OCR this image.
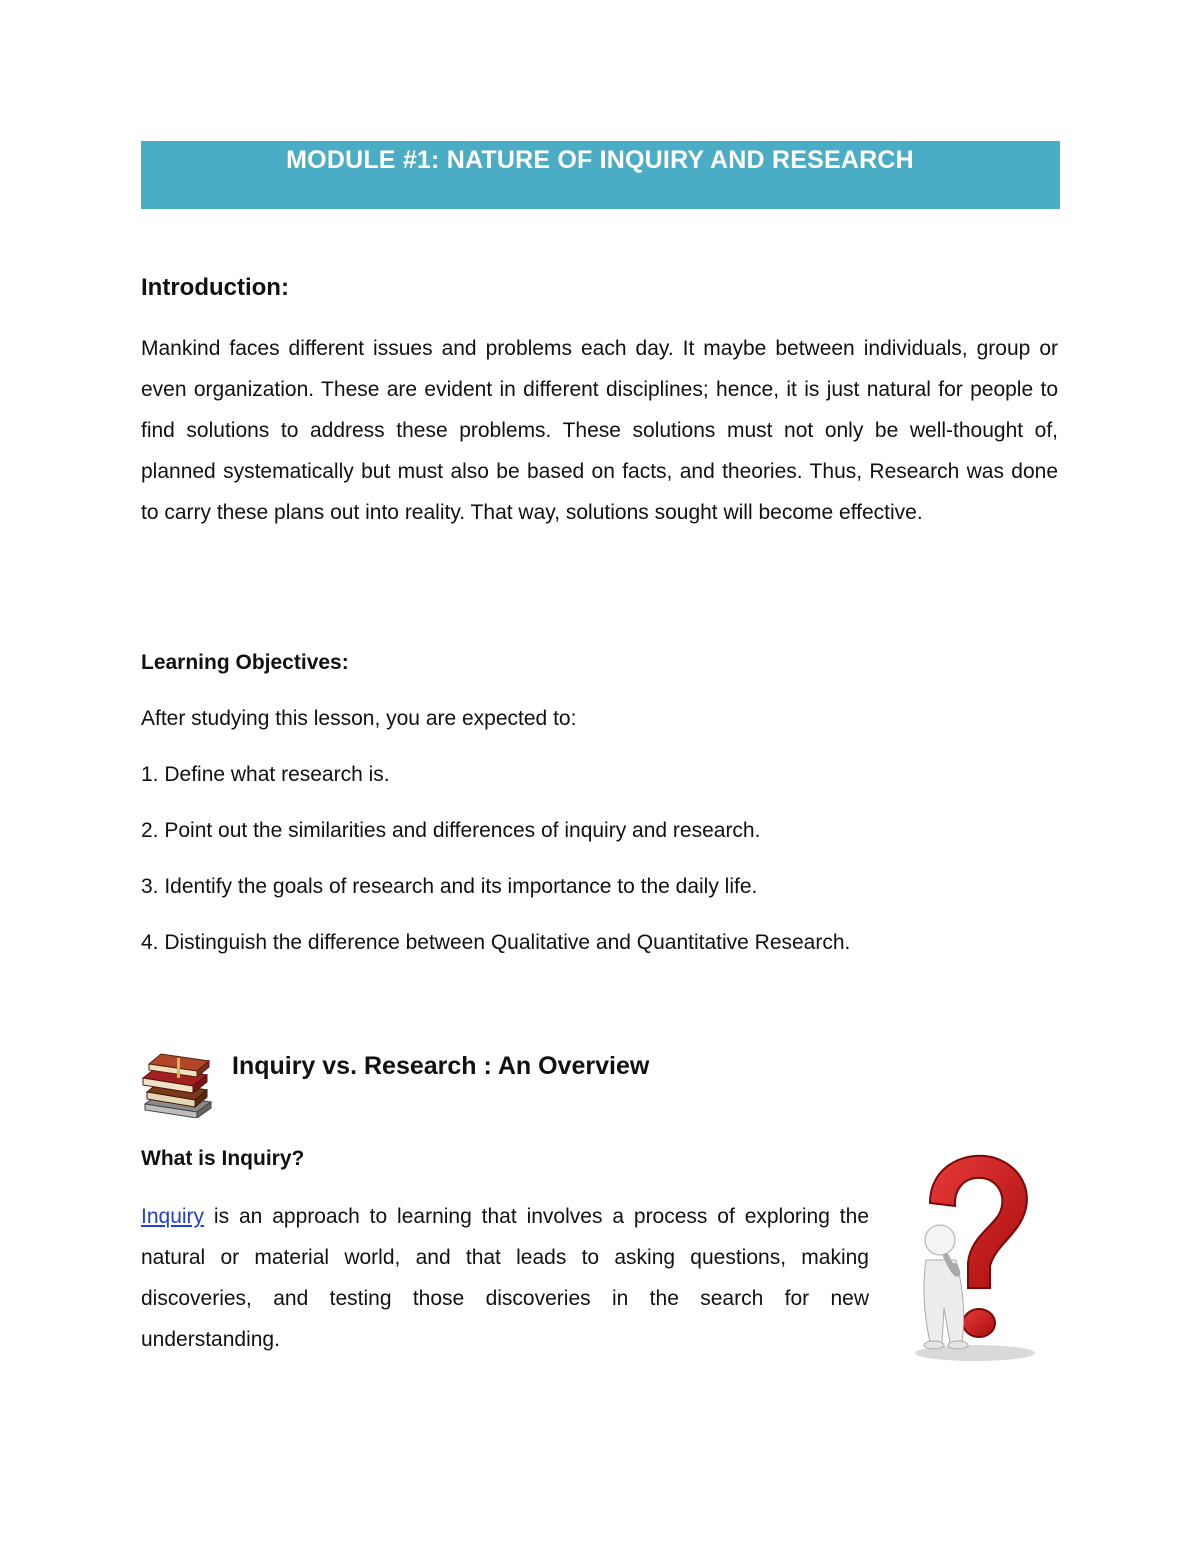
MODULE #1: NATURE OF INQUIRY AND RESEARCH
Introduction:

Mankind faces different issues and problems each day. It maybe between individuals, group or even organization. These are evident in different disciplines; hence, it is just natural for people to find solutions to address these problems. These solutions must not only be well-thought of, planned systematically but must also be based on facts, and theories. Thus, Research was done to carry these plans out into reality. That way, solutions sought will become effective.

Learning Objectives:

After studying this lesson, you are expected to:

1. Define what research is.

2. Point out the similarities and differences of inquiry and research.

3. Identify the goals of research and its importance to the daily life.

4. Distinguish the difference between Qualitative and Quantitative Research.

Inquiry vs. Research : An Overview
What is Inquiry?

Inquiry is an approach to learning that involves a process of exploring the natural or material world, and that leads to asking questions, making discoveries, and testing those discoveries in the search for new understanding.
